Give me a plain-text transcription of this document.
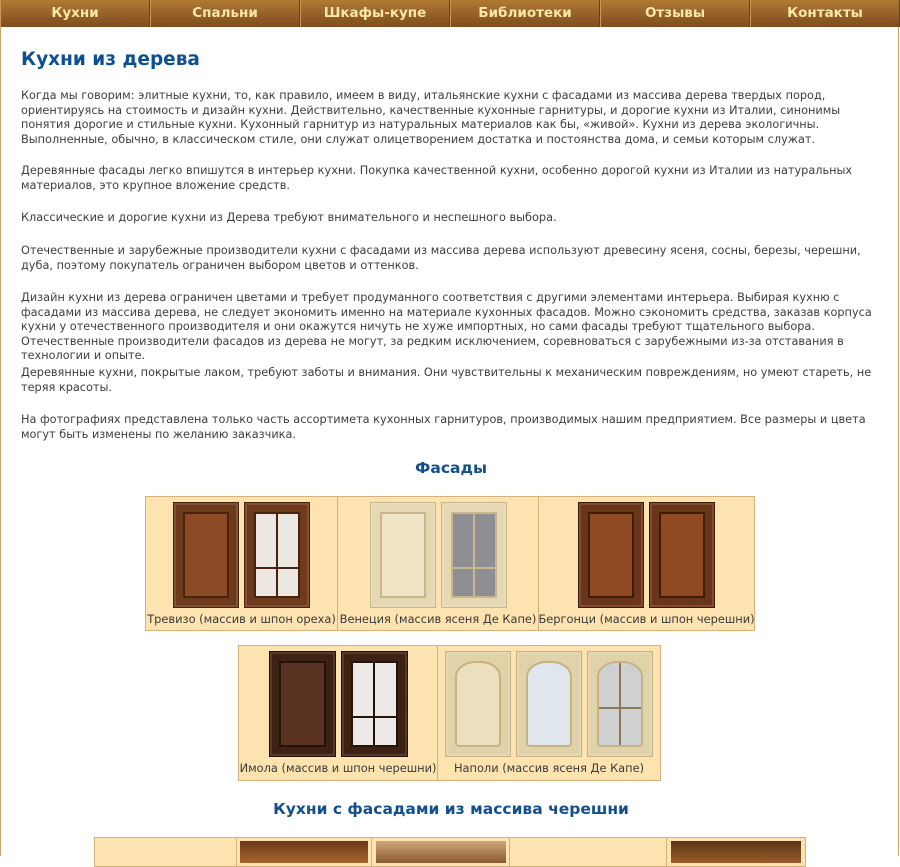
Кухни	Спальни	Шкафы-купе	Библиотеки	Отзывы	Контакты
Кухни из дерева

Когда мы говорим: элитные кухни, то, как правило, имеем в виду, итальянские кухни с фасадами из массива дерева твердых пород, ориентируясь на стоимость и дизайн кухни. Действительно, качественные кухонные гарнитуры, и дорогие кухни из Италии, синонимы понятия дорогие и стильные кухни. Кухонный гарнитур из натуральных материалов как бы, «живой». Кухни из дерева экологичны. Выполненные, обычно, в классическом стиле, они служат олицетворением достатка и постоянства дома, и семьи которым служат.

Деревянные фасады легко впишутся в интерьер кухни. Покупка качественной кухни, особенно дорогой кухни из Италии из натуральных материалов, это крупное вложение средств.

Классические и дорогие кухни из Дерева требуют внимательного и неспешного выбора.

Отечественные и зарубежные производители кухни с фасадами из массива дерева используют древесину ясеня, сосны, березы, черешни, дуба, поэтому покупатель ограничен выбором цветов и оттенков.

Дизайн кухни из дерева ограничен цветами и требует продуманного соответствия с другими элементами интерьера. Выбирая кухню с фасадами из массива дерева, не следует экономить именно на материале кухонных фасадов. Можно сэкономить средства, заказав корпуса кухни у отечественного производителя и они окажутся ничуть не хуже импортных, но сами фасады требуют тщательного выбора. Отечественные производители фасадов из дерева не могут, за редким исключением, соревноваться с зарубежными из-за отставания в технологии и опыте.

Деревянные кухни, покрытые лаком, требуют заботы и внимания. Они чувствительны к механическим повреждениям, но умеют стареть, не теряя красоты.

На фотографиях представлена только часть ассортимета кухонных гарнитуров, производимых нашим предприятием. Все размеры и цвета могут быть изменены по желанию заказчика.

Фасады
Тревизо (массив и шпон ореха) Венеция (массив ясеня Де Капе) Бергонци (массив и шпон черешни)
Имола (массив и шпон черешни) Наполи (массив ясеня Де Капе)
Кухни с фасадами из массива черешни
